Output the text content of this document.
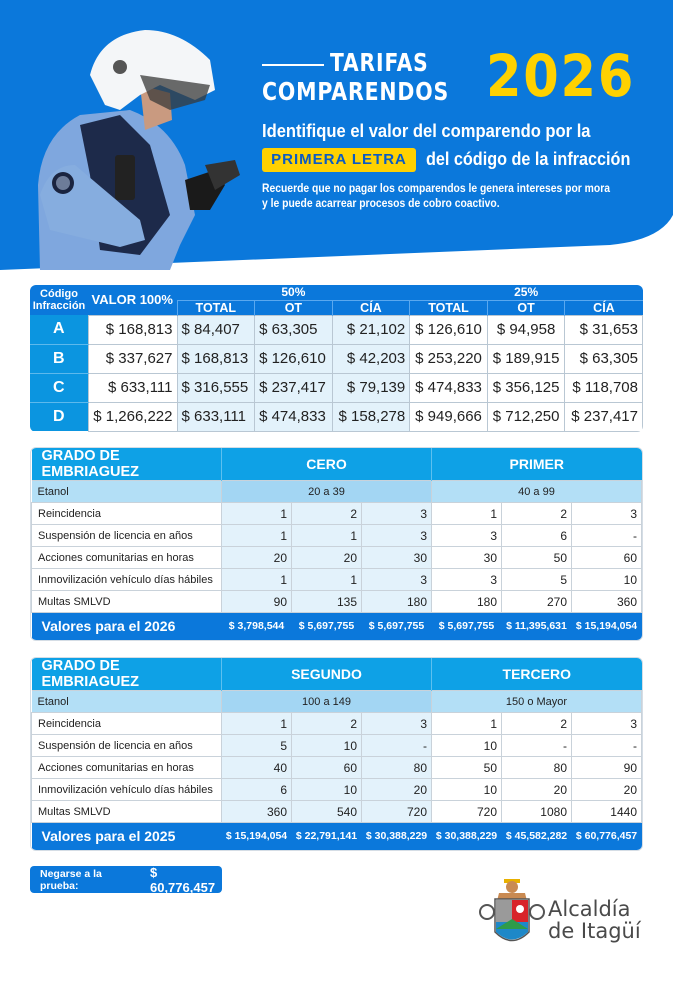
TARIFAS
COMPARENDOS 2026
Identifique el valor del comparendo por la
PRIMERA LETRA	del código de la infracción
Recuerde que no pagar los comparendos le genera intereses por mora
y le puede acarrear procesos de cobro coactivo.
Código Infracción	VALOR 100%	50%			25%		
		TOTAL	OT	CÍA	TOTAL	OT	CÍA
A	$ 168,813	$ 84,407	$ 63,305	$ 21,102	$ 126,610	$ 94,958	$ 31,653
B	$ 337,627	$ 168,813	$ 126,610	$ 42,203	$ 253,220	$ 189,915	$ 63,305
C	$ 633,111	$ 316,555	$ 237,417	$ 79,139	$ 474,833	$ 356,125	$ 118,708
D	$ 1,266,222	$ 633,111	$ 474,833	$ 158,278	$ 949,666	$ 712,250	$ 237,417
GRADO DE EMBRIAGUEZ	CERO			PRIMER		
Etanol	20 a 39			40 a 99		
Reincidencia	1	2	3	1	2	3
Suspensión de licencia en años	1	1	3	3	6	-
Acciones comunitarias en horas	20	20	30	30	50	60
Inmovilización vehículo días hábiles	1	1	3	3	5	10
Multas SMLVD	90	135	180	180	270	360
Valores para el 2026	$ 3,798,544	$ 5,697,755	$ 5,697,755	$ 5,697,755	$ 11,395,631	$ 15,194,054
GRADO DE EMBRIAGUEZ	SEGUNDO			TERCERO		
Etanol	100 a 149			150 o Mayor		
Reincidencia	1	2	3	1	2	3
Suspensión de licencia en años	5	10	-	10	-	-
Acciones comunitarias en horas	40	60	80	50	80	90
Inmovilización vehículo días hábiles	6	10	20	10	20	20
Multas SMLVD	360	540	720	720	1080	1440
Valores para el 2025	$ 15,194,054	$ 22,791,141	$ 30,388,229	$ 30,388,229	$ 45,582,282	$ 60,776,457
Negarse a la prueba:
$ 60,776,457
Alcaldía
de Itagüí
